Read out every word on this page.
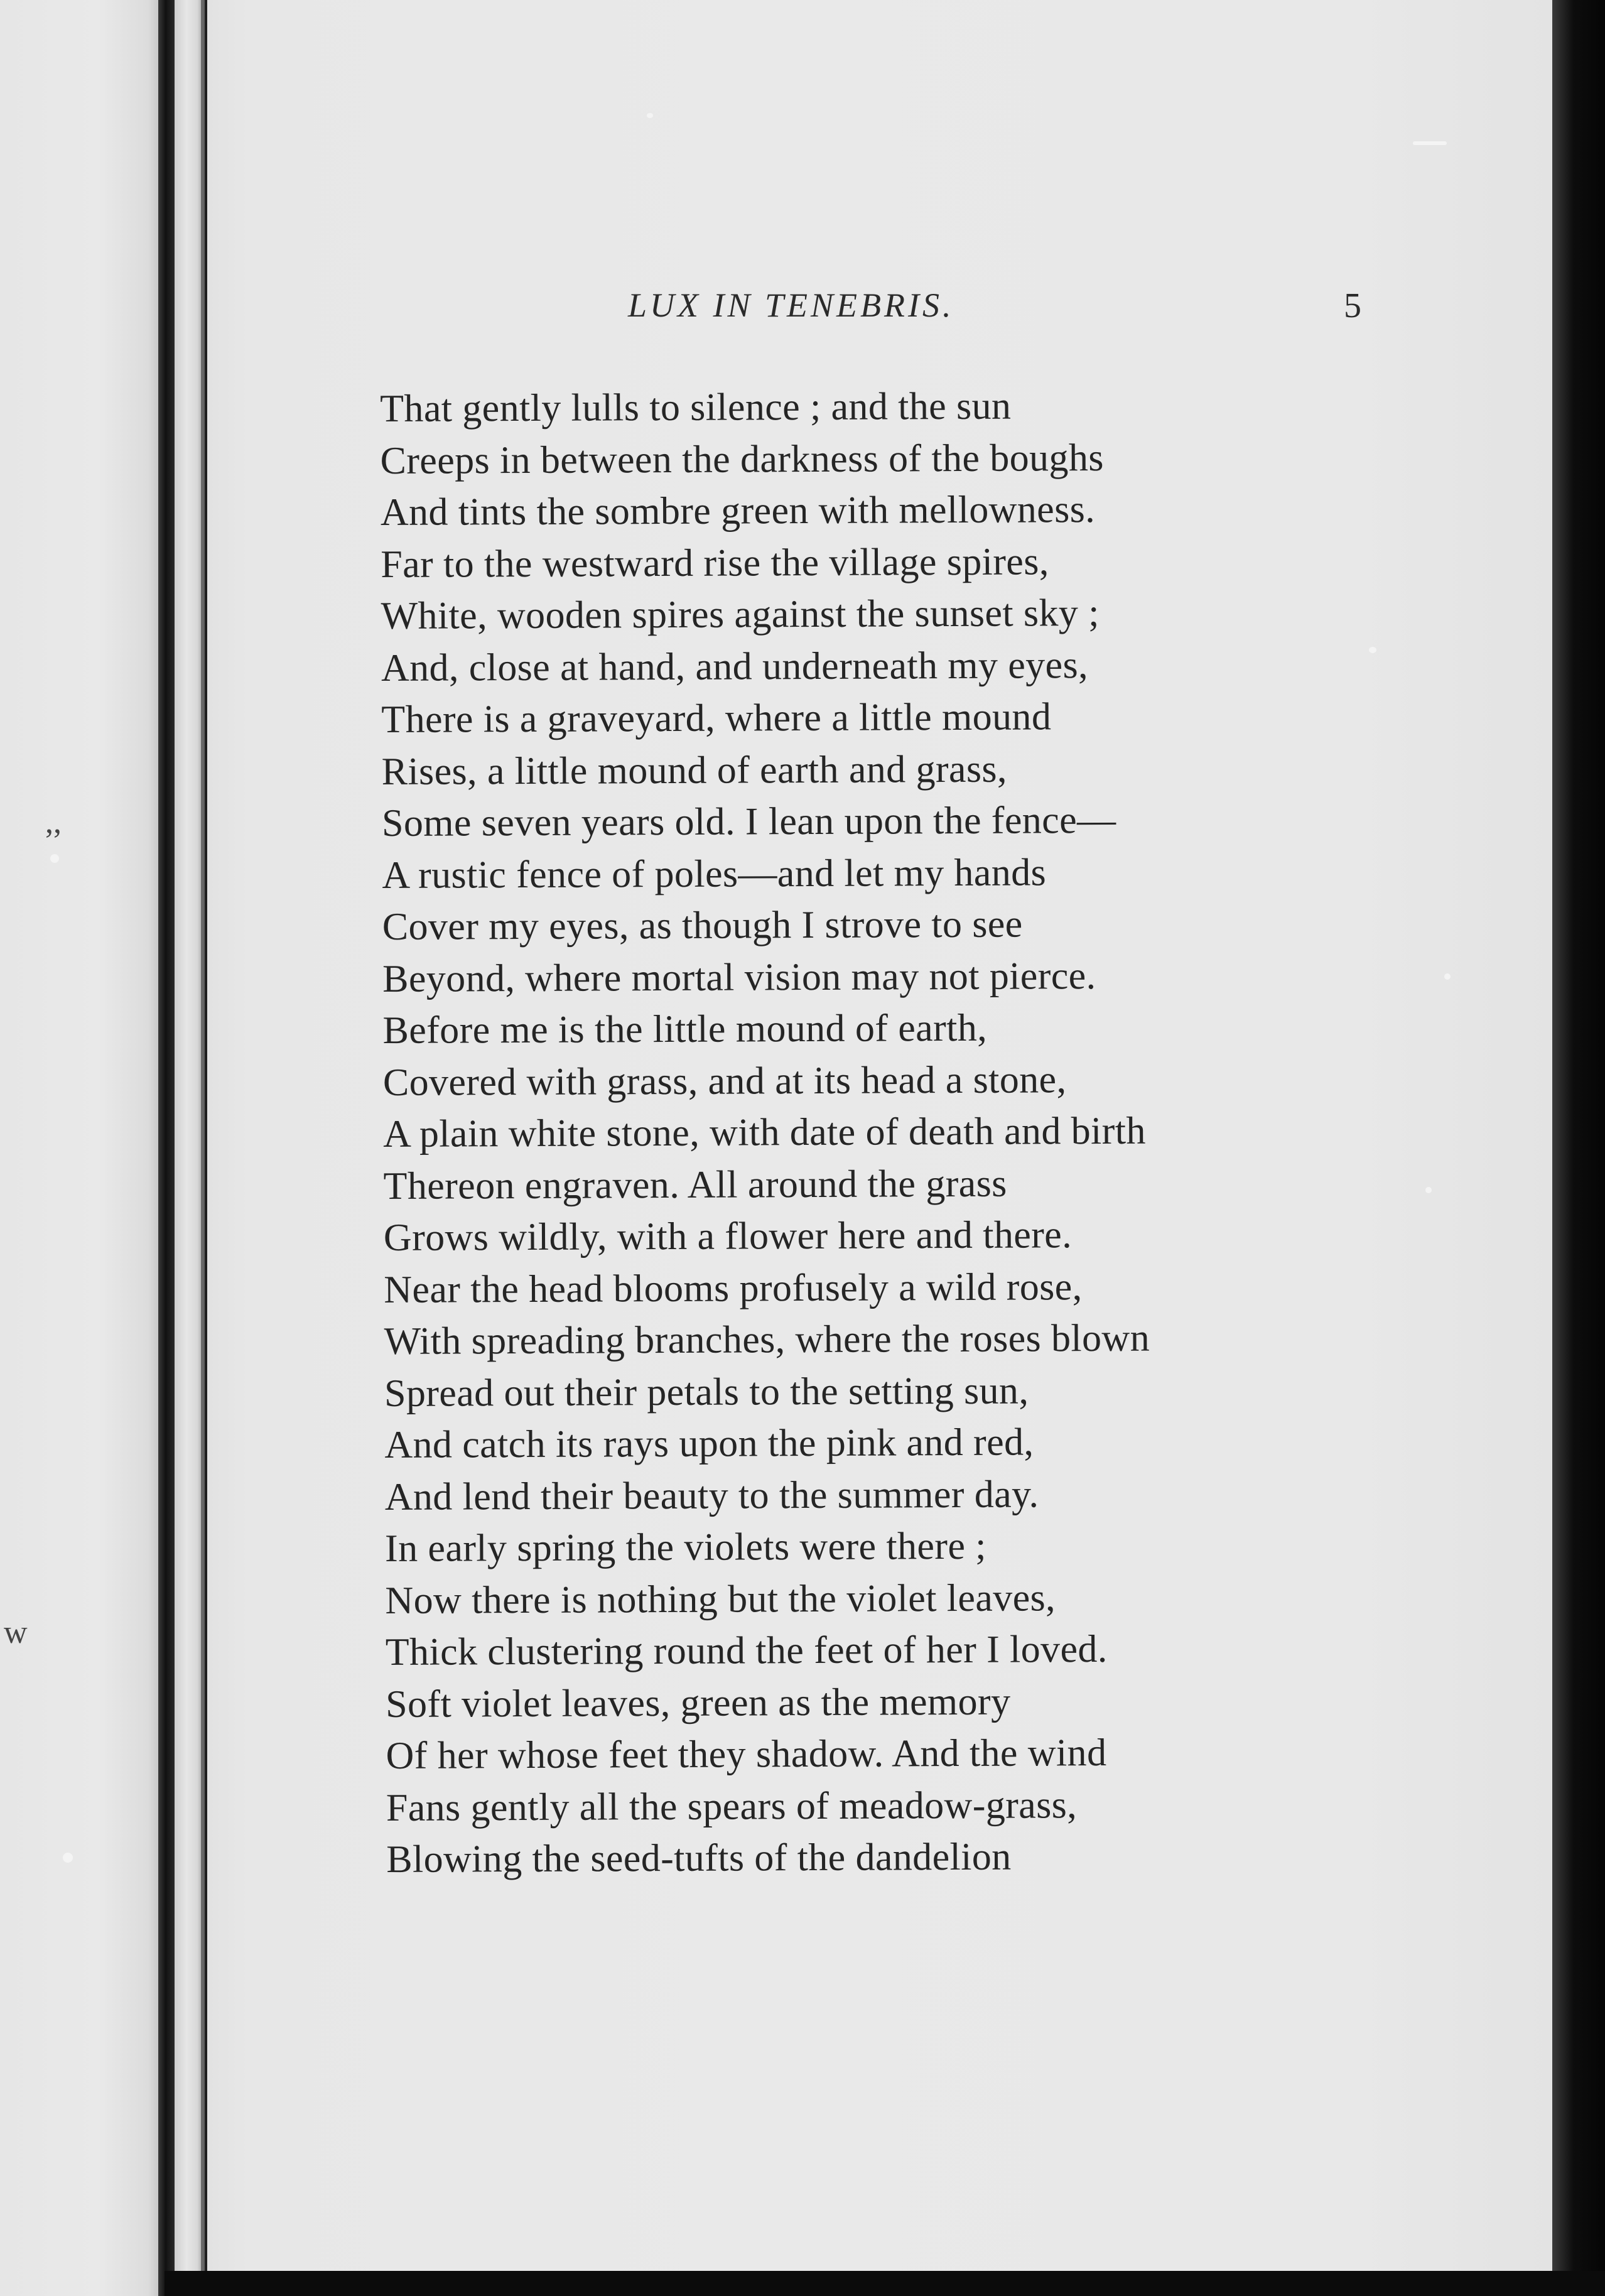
,,
w
LUX IN TENEBRIS.	5
That gently lulls to silence ; and the sun
Creeps in between the darkness of the boughs
And tints the sombre green with mellowness.
Far to the westward rise the village spires,
White, wooden spires against the sunset sky ;
And, close at hand, and underneath my eyes,
There is a graveyard, where a little mound
Rises, a little mound of earth and grass,
Some seven years old. I lean upon the fence—
A rustic fence of poles—and let my hands
Cover my eyes, as though I strove to see
Beyond, where mortal vision may not pierce.
Before me is the little mound of earth,
Covered with grass, and at its head a stone,
A plain white stone, with date of death and birth
Thereon engraven. All around the grass
Grows wildly, with a flower here and there.
Near the head blooms profusely a wild rose,
With spreading branches, where the roses blown
Spread out their petals to the setting sun,
And catch its rays upon the pink and red,
And lend their beauty to the summer day.
In early spring the violets were there ;
Now there is nothing but the violet leaves,
Thick clustering round the feet of her I loved.
Soft violet leaves, green as the memory
Of her whose feet they shadow. And the wind
Fans gently all the spears of meadow-grass,
Blowing the seed-tufts of the dandelion
